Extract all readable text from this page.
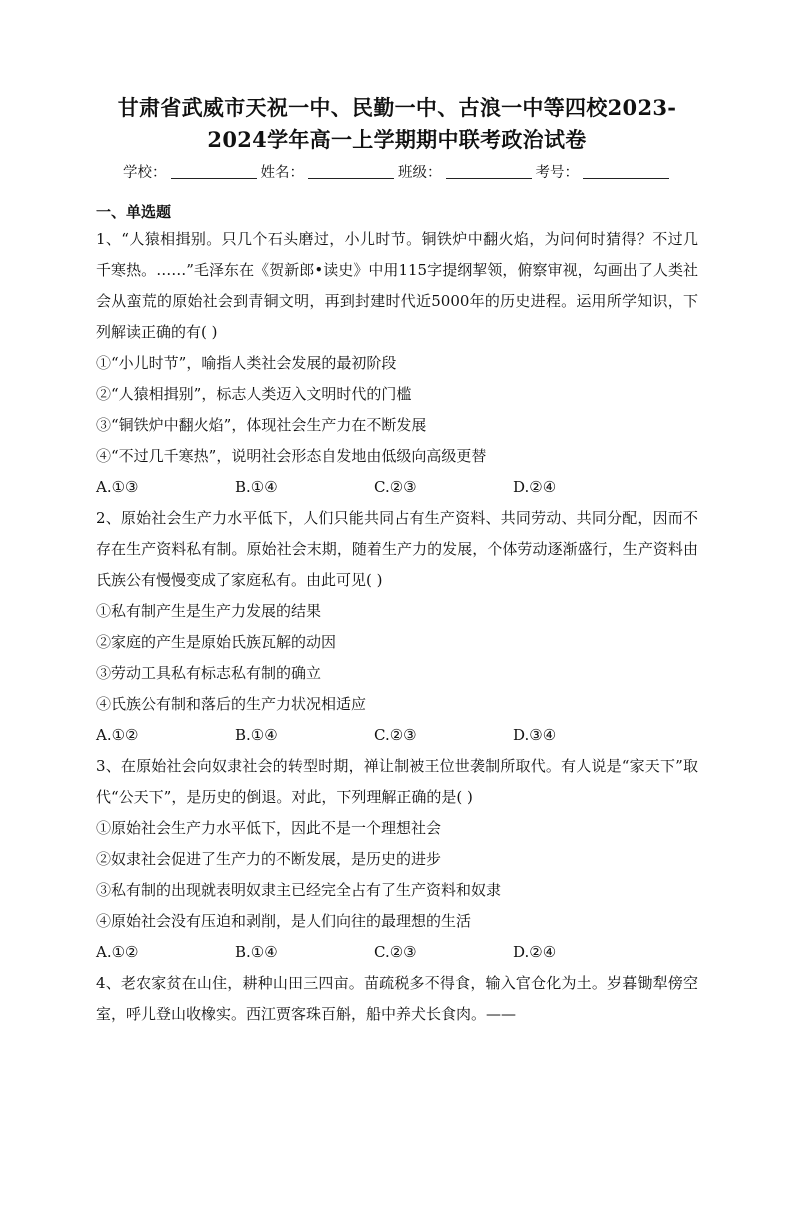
甘肃省武威市天祝一中、民勤一中、古浪一中等四校2023-
2024学年高一上学期期中联考政治试卷
学校：	姓名：	班级：	考号：
一、单选题
1、“人猿相揖别。只几个石头磨过，小儿时节。铜铁炉中翻火焰，为问何时猜得？不过几千寒热。……”毛泽东在《贺新郎•读史》中用115字提纲挈领，俯察审视，勾画出了人类社会从蛮荒的原始社会到青铜文明，再到封建时代近5000年的历史进程。运用所学知识，下列解读正确的有( )
①“小儿时节”，喻指人类社会发展的最初阶段
②“人猿相揖别”，标志人类迈入文明时代的门槛
③“铜铁炉中翻火焰”，体现社会生产力在不断发展
④“不过几千寒热”，说明社会形态自发地由低级向高级更替
A.①③	B.①④	C.②③	D.②④
2、原始社会生产力水平低下，人们只能共同占有生产资料、共同劳动、共同分配，因而不存在生产资料私有制。原始社会末期，随着生产力的发展，个体劳动逐渐盛行，生产资料由氏族公有慢慢变成了家庭私有。由此可见( )
①私有制产生是生产力发展的结果
②家庭的产生是原始氏族瓦解的动因
③劳动工具私有标志私有制的确立
④氏族公有制和落后的生产力状况相适应
A.①②	B.①④	C.②③	D.③④
3、在原始社会向奴隶社会的转型时期，禅让制被王位世袭制所取代。有人说是“家天下”取代“公天下”，是历史的倒退。对此，下列理解正确的是( )
①原始社会生产力水平低下，因此不是一个理想社会
②奴隶社会促进了生产力的不断发展，是历史的进步
③私有制的出现就表明奴隶主已经完全占有了生产资料和奴隶
④原始社会没有压迫和剥削，是人们向往的最理想的生活
A.①②	B.①④	C.②③	D.②④
4、老农家贫在山住，耕种山田三四亩。苗疏税多不得食，输入官仓化为土。岁暮锄犁傍空室，呼儿登山收橡实。西江贾客珠百斛，船中养犬长食肉。——
